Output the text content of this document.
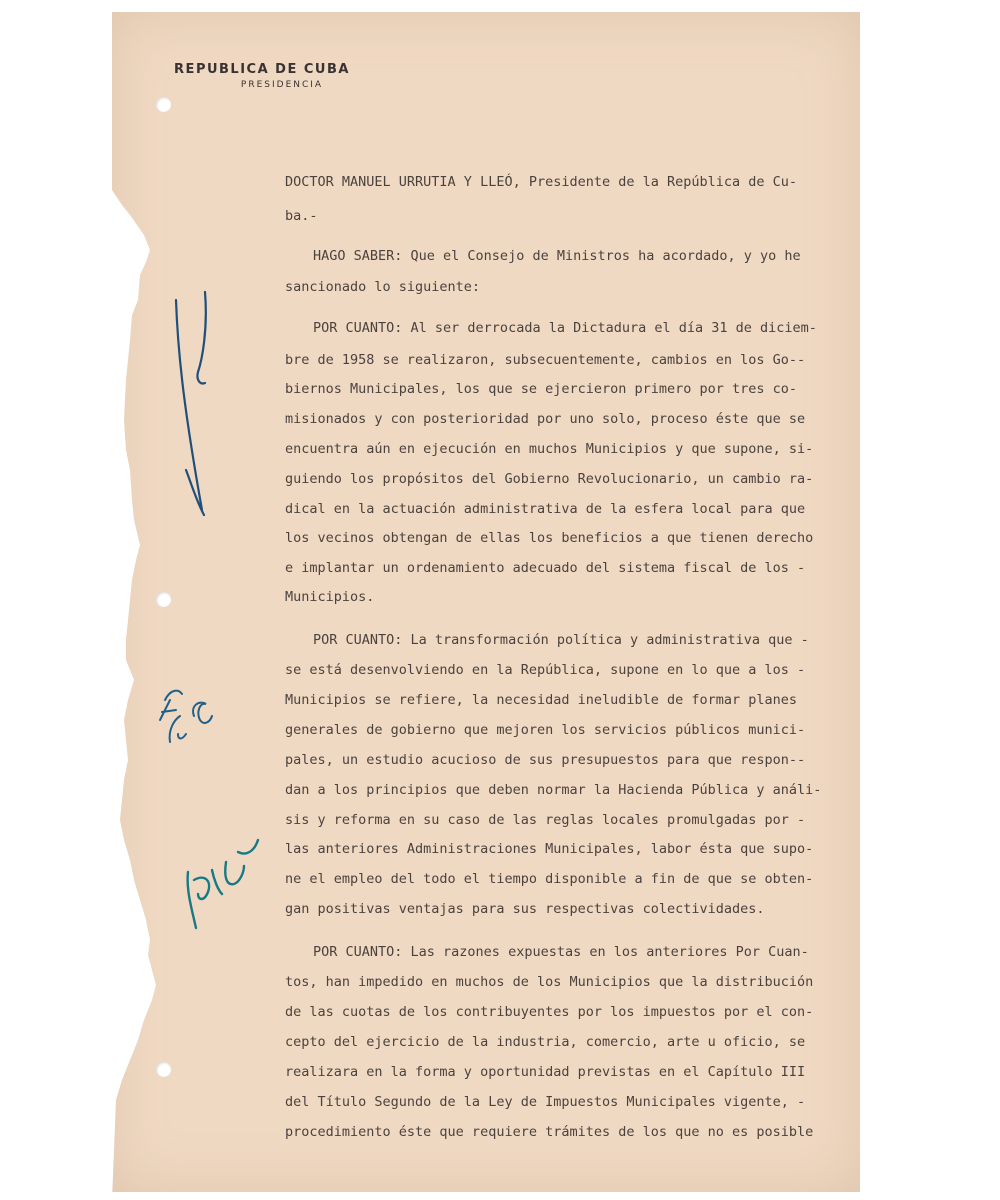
REPUBLICA DE CUBA
PRESIDENCIA
DOCTOR MANUEL URRUTIA Y LLEÓ, Presidente de la República de Cu-
ba.-
HAGO SABER: Que el Consejo de Ministros ha acordado, y yo he
sancionado lo siguiente:
POR CUANTO: Al ser derrocada la Dictadura el día 31 de diciem-
bre de 1958 se realizaron, subsecuentemente, cambios en los Go--
biernos Municipales, los que se ejercieron primero por tres co-
misionados y con posterioridad por uno solo, proceso éste que se
encuentra aún en ejecución en muchos Municipios y que supone, si-
guiendo los propósitos del Gobierno Revolucionario, un cambio ra-
dical en la actuación administrativa de la esfera local para que
los vecinos obtengan de ellas los beneficios a que tienen derecho
e implantar un ordenamiento adecuado del sistema fiscal de los -
Municipios.
POR CUANTO: La transformación política y administrativa que -
se está desenvolviendo en la República, supone en lo que a los -
Municipios se refiere, la necesidad ineludible de formar planes
generales de gobierno que mejoren los servicios públicos munici-
pales, un estudio acucioso de sus presupuestos para que respon--
dan a los principios que deben normar la Hacienda Pública y análi-
sis y reforma en su caso de las reglas locales promulgadas por -
las anteriores Administraciones Municipales, labor ésta que supo-
ne el empleo del todo el tiempo disponible a fin de que se obten-
gan positivas ventajas para sus respectivas colectividades.
POR CUANTO: Las razones expuestas en los anteriores Por Cuan-
tos, han impedido en muchos de los Municipios que la distribución
de las cuotas de los contribuyentes por los impuestos por el con-
cepto del ejercicio de la industria, comercio, arte u oficio, se
realizara en la forma y oportunidad previstas en el Capítulo III
del Título Segundo de la Ley de Impuestos Municipales vigente, -
procedimiento éste que requiere trámites de los que no es posible
